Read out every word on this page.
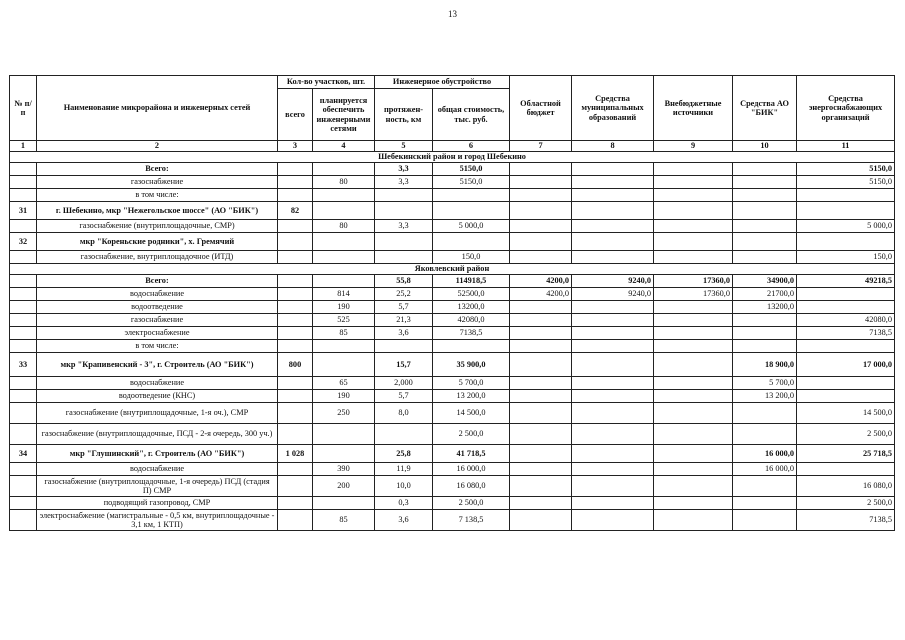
13
№ п/п	Наименование микрорайона и инженерных сетей	Кол-во участков, шт.		Инженерное обустройство		Областной бюджет	Средства муниципальных образований	Внебюджетные источники	Средства АО "БИК"	Средства энергоснабжающих организаций
		всего	планируется обеспечить инженерными сетями	протяжен-ность, км	общая стоимость, тыс. руб.					
1	2	3	4	5	6	7	8	9	10	11
Шебекинский район и город Шебекино										
	Всего:			3,3	5150,0					5150,0
	газоснабжение		80	3,3	5150,0					5150,0
	в том числе:									
31	г. Шебекино, мкр "Нежегольское шоссе" (АО "БИК")	82								
	газоснабжение (внутриплощадочные, СМР)		80	3,3	5 000,0					5 000,0
32	мкр "Кореньские родники", х. Гремячий									
	газоснабжение, внутриплощадочное (ИТД)				150,0					150,0
Яковлевский район										
	Всего:			55,8	114918,5	4200,0	9240,0	17360,0	34900,0	49218,5
	водоснабжение		814	25,2	52500,0	4200,0	9240,0	17360,0	21700,0	
	водоотведение		190	5,7	13200,0				13200,0	
	газоснабжение		525	21,3	42080,0					42080,0
	электроснабжение		85	3,6	7138,5					7138,5
	в том числе:									
33	мкр "Крапивенский - 3", г. Строитель (АО "БИК")	800		15,7	35 900,0				18 900,0	17 000,0
	водоснабжение		65	2,000	5 700,0				5 700,0	
	водоотведение (КНС)		190	5,7	13 200,0				13 200,0	
	газоснабжение (внутриплощадочные, 1-я оч.), СМР		250	8,0	14 500,0					14 500,0
	газоснабжение (внутриплощадочные, ПСД - 2-я очередь, 300 уч.)				2 500,0					2 500,0
34	мкр "Глушинский", г. Строитель (АО "БИК")	1 028		25,8	41 718,5				16 000,0	25 718,5
	водоснабжение		390	11,9	16 000,0				16 000,0	
	газоснабжение (внутриплощадочные, 1-я очередь) ПСД (стадия П) СМР		200	10,0	16 080,0					16 080,0
	подводящий газопровод, СМР			0,3	2 500,0					2 500,0
	электроснабжение (магистральные - 0,5 км, внутриплощадочные - 3,1 км, 1 КТП)		85	3,6	7 138,5					7138,5
